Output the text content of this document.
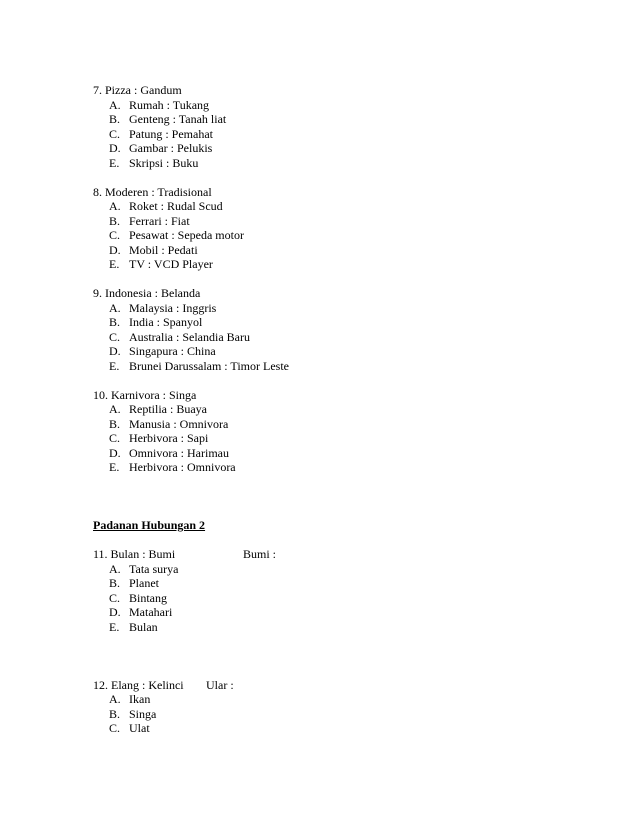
7. Pizza : Gandum
A. Rumah : Tukang
B. Genteng : Tanah liat
C. Patung : Pemahat
D. Gambar : Pelukis
E. Skripsi : Buku
8. Moderen : Tradisional
A. Roket : Rudal Scud
B. Ferrari : Fiat
C. Pesawat : Sepeda motor
D. Mobil : Pedati
E. TV : VCD Player
9. Indonesia : Belanda
A. Malaysia : Inggris
B. India : Spanyol
C. Australia : Selandia Baru
D. Singapura : China
E. Brunei Darussalam : Timor Leste
10. Karnivora : Singa
A. Reptilia : Buaya
B. Manusia : Omnivora
C. Herbivora : Sapi
D. Omnivora : Harimau
E. Herbivora : Omnivora
Padanan Hubungan 2
11. Bulan : Bumi	Bumi :
A. Tata surya
B. Planet
C. Bintang
D. Matahari
E. Bulan
12. Elang : Kelinci Ular :
A. Ikan
B. Singa
C. Ulat
